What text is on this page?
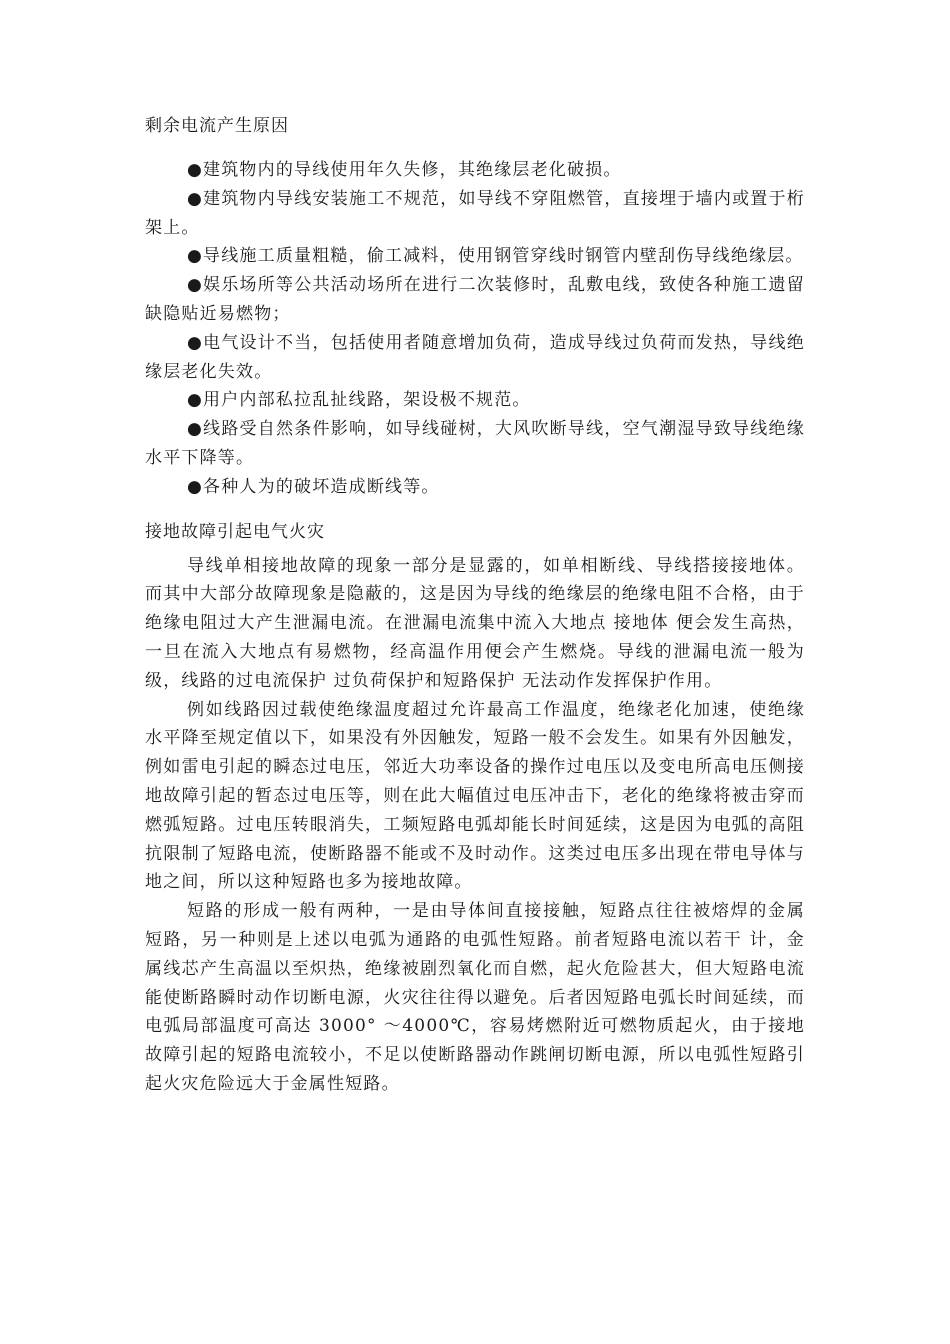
剩余电流产生原因

●建筑物内的导线使用年久失修，其绝缘层老化破损。

●建筑物内导线安装施工不规范，如导线不穿阻燃管，直接埋于墙内或置于桁架上。

●导线施工质量粗糙，偷工减料，使用钢管穿线时钢管内壁刮伤导线绝缘层。

●娱乐场所等公共活动场所在进行二次装修时，乱敷电线，致使各种施工遗留缺隐贴近易燃物；

●电气设计不当，包括使用者随意增加负荷，造成导线过负荷而发热，导线绝缘层老化失效。

●用户内部私拉乱扯线路，架设极不规范。

●线路受自然条件影响，如导线碰树，大风吹断导线，空气潮湿导致导线绝缘水平下降等。

●各种人为的破坏造成断线等。

接地故障引起电气火灾

导线单相接地故障的现象一部分是显露的，如单相断线、导线搭接接地体。而其中大部分故障现象是隐蔽的，这是因为导线的绝缘层的绝缘电阻不合格，由于绝缘电阻过大产生泄漏电流。在泄漏电流集中流入大地点 接地体 便会发生高热，一旦在流入大地点有易燃物，经高温作用便会产生燃烧。导线的泄漏电流一般为 级，线路的过电流保护 过负荷保护和短路保护 无法动作发挥保护作用。

例如线路因过载使绝缘温度超过允许最高工作温度，绝缘老化加速，使绝缘水平降至规定值以下，如果没有外因触发，短路一般不会发生。如果有外因触发，例如雷电引起的瞬态过电压，邻近大功率设备的操作过电压以及变电所高电压侧接地故障引起的暂态过电压等，则在此大幅值过电压冲击下，老化的绝缘将被击穿而燃弧短路。过电压转眼消失，工频短路电弧却能长时间延续，这是因为电弧的高阻抗限制了短路电流，使断路器不能或不及时动作。这类过电压多出现在带电导体与地之间，所以这种短路也多为接地故障。

短路的形成一般有两种，一是由导体间直接接触，短路点往往被熔焊的金属短路，另一种则是上述以电弧为通路的电弧性短路。前者短路电流以若干 计，金属线芯产生高温以至炽热，绝缘被剧烈氧化而自燃，起火危险甚大，但大短路电流能使断路瞬时动作切断电源，火灾往往得以避免。后者因短路电弧长时间延续，而电弧局部温度可高达 3000° ～4000℃，容易烤燃附近可燃物质起火，由于接地故障引起的短路电流较小，不足以使断路器动作跳闸切断电源，所以电弧性短路引起火灾危险远大于金属性短路。
